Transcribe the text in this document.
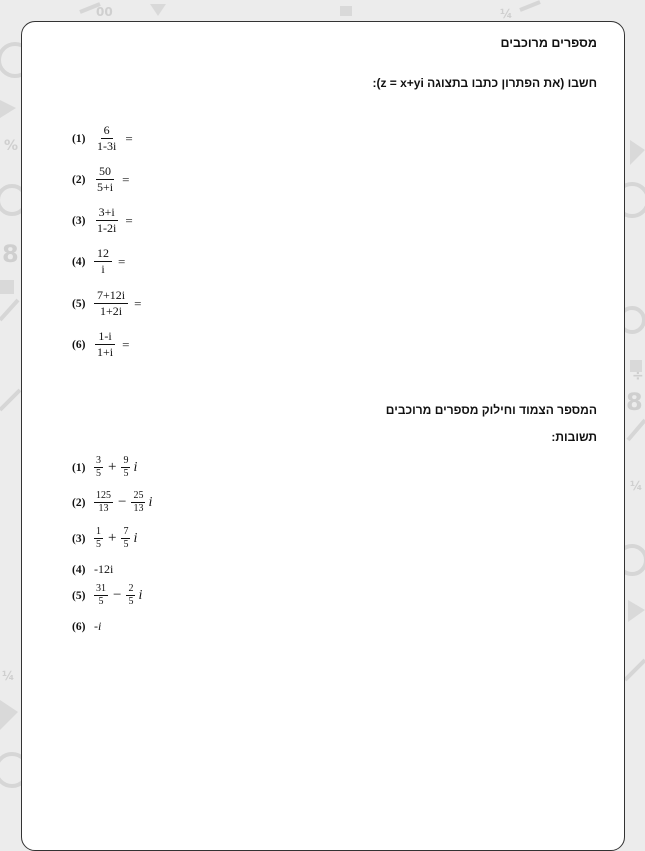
8
8
%
¼
¼
¼
÷
00
מספרים מרוכבים
חשבו (את הפתרון כתבו בתצוגה z = x+yi):
$(1) \frac{6}{1-3i}$ =
$(2) \frac{50}{5+i}$ =
$(3) \frac{3+i}{1-2i}$ =
$(4) \frac{12}{i}$ =
$(5) \frac{7+12i}{1+2i}$ =
$(6) \frac{1-i}{1+i}$ =
המספר הצמוד וחילוק מספרים מרוכבים
תשובות:
$(1) \frac{3}{5} + \frac{9}{5}$ i
$(2) \frac{125}{13} - \frac{25}{13}$ i
$(3) \frac{1}{5} + \frac{7}{5}$ i
(4) -12i
$(5) \frac{31}{5} - \frac{2}{5}$ i
(6) -i
